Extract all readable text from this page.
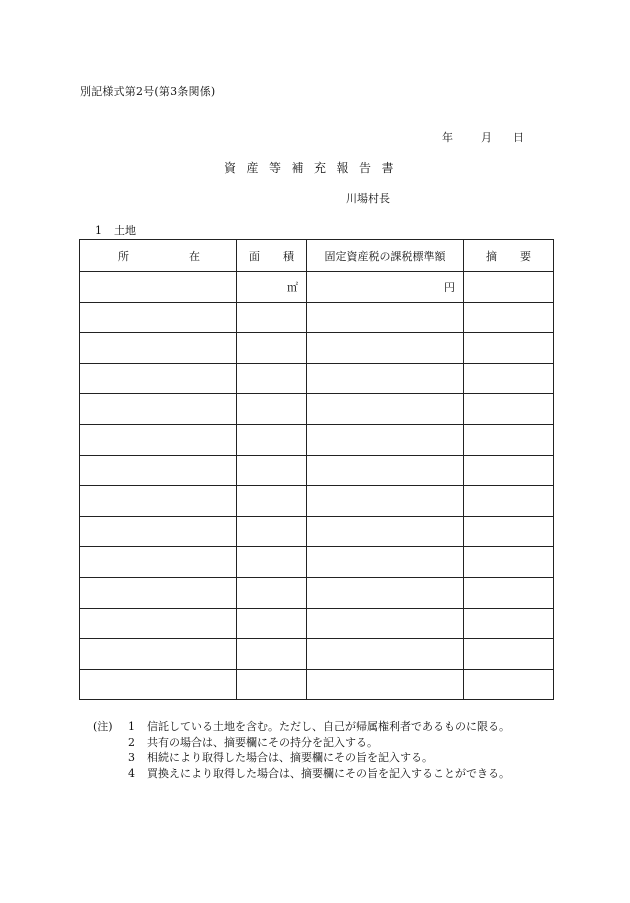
別記様式第2号(第3条関係)
年	月 日
資産等補充報告書
川場村長
1 土地
所 在	面 積	固定資産税の課税標準額	摘 要

	㎡	円	

(注)	1	信託している土地を含む。ただし、自己が帰属権利者であるものに限る。
2	共有の場合は、摘要欄にその持分を記入する。
3	相続により取得した場合は、摘要欄にその旨を記入する。
4	買換えにより取得した場合は、摘要欄にその旨を記入することができる。
